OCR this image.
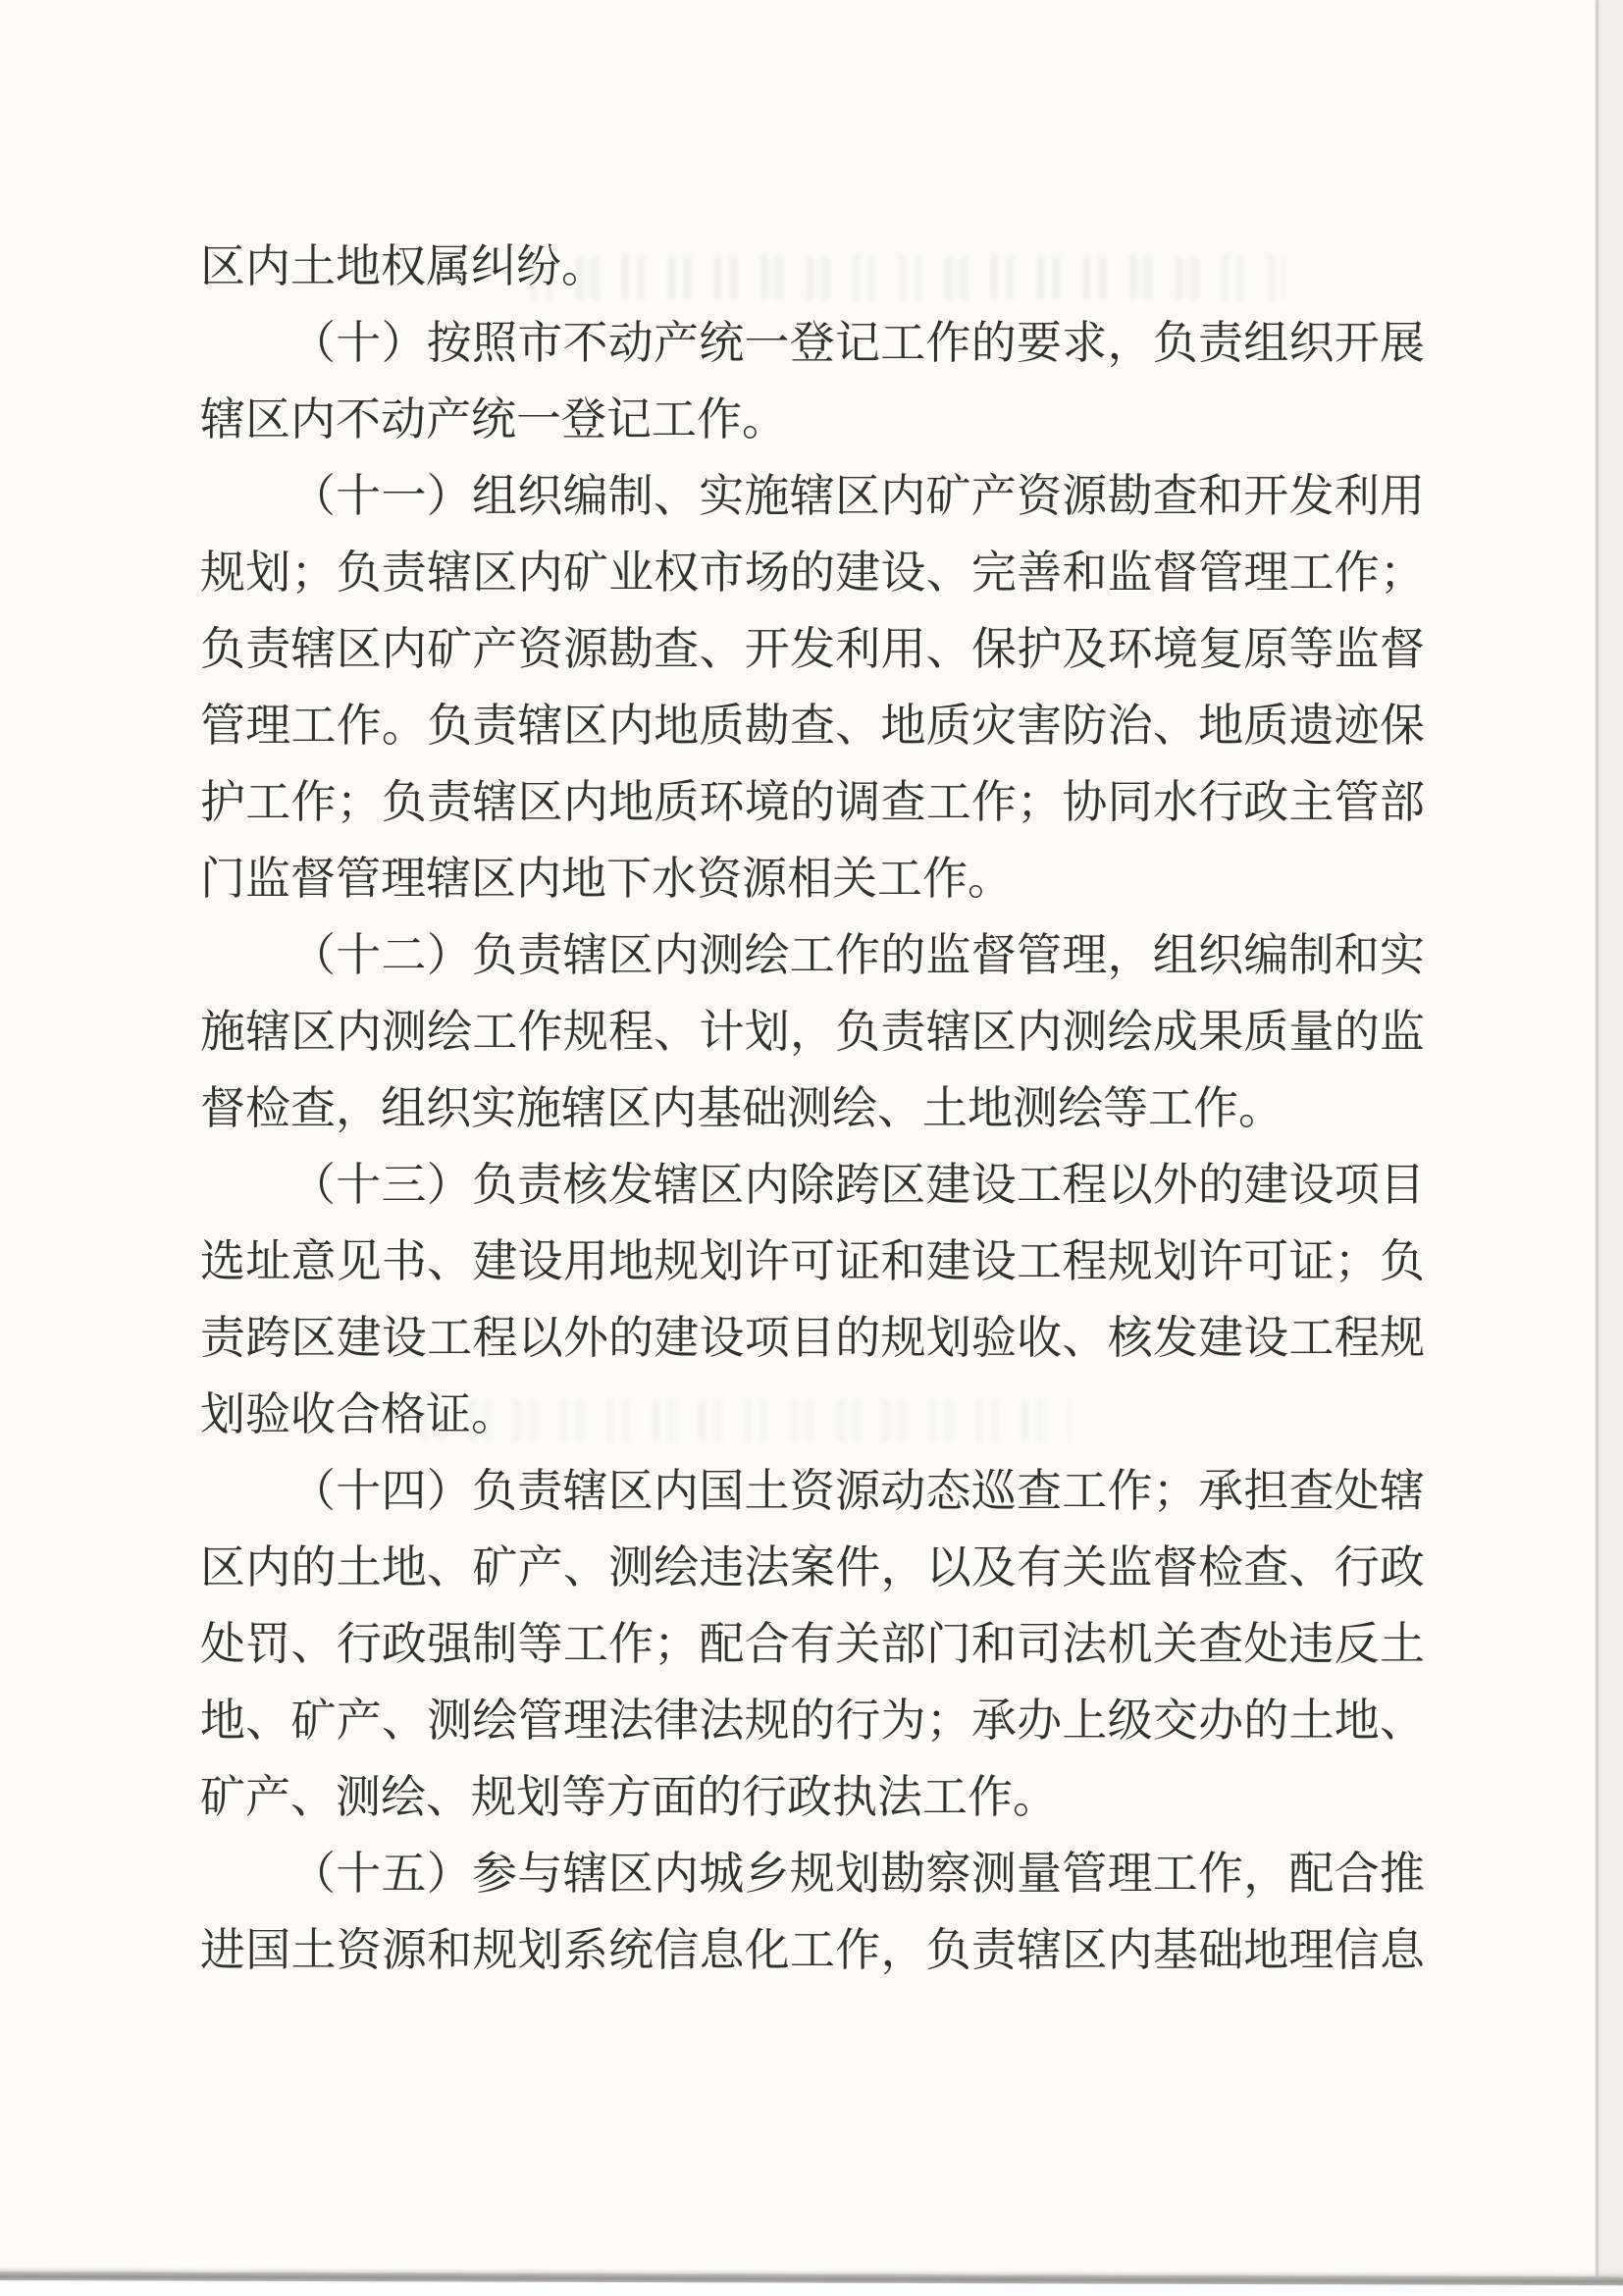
区内土地权属纠纷。
（十）按照市不动产统一登记工作的要求，负责组织开展
辖区内不动产统一登记工作。
（十一）组织编制、实施辖区内矿产资源勘查和开发利用
规划；负责辖区内矿业权市场的建设、完善和监督管理工作；
负责辖区内矿产资源勘查、开发利用、保护及环境复原等监督
管理工作。负责辖区内地质勘查、地质灾害防治、地质遗迹保
护工作；负责辖区内地质环境的调查工作；协同水行政主管部
门监督管理辖区内地下水资源相关工作。
（十二）负责辖区内测绘工作的监督管理，组织编制和实
施辖区内测绘工作规程、计划，负责辖区内测绘成果质量的监
督检查，组织实施辖区内基础测绘、土地测绘等工作。
（十三）负责核发辖区内除跨区建设工程以外的建设项目
选址意见书、建设用地规划许可证和建设工程规划许可证；负
责跨区建设工程以外的建设项目的规划验收、核发建设工程规
划验收合格证。
（十四）负责辖区内国土资源动态巡查工作；承担查处辖
区内的土地、矿产、测绘违法案件，以及有关监督检查、行政
处罚、行政强制等工作；配合有关部门和司法机关查处违反土
地、矿产、测绘管理法律法规的行为；承办上级交办的土地、
矿产、测绘、规划等方面的行政执法工作。
（十五）参与辖区内城乡规划勘察测量管理工作，配合推
进国土资源和规划系统信息化工作，负责辖区内基础地理信息
